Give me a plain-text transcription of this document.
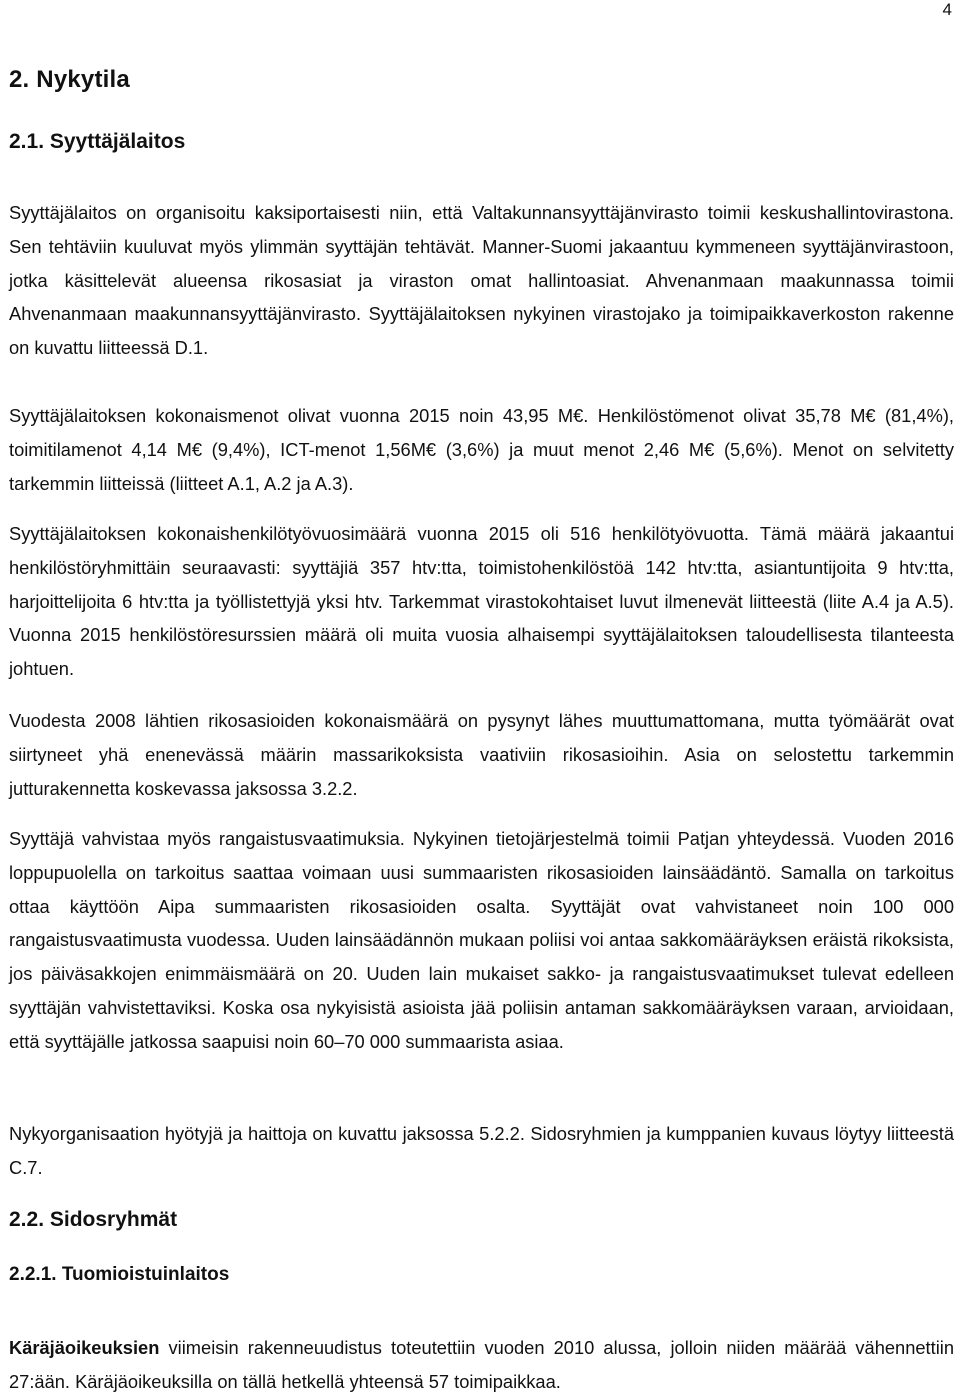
4
2. Nykytila
2.1. Syyttäjälaitos

Syyttäjälaitos on organisoitu kaksiportaisesti niin, että Valtakunnansyyttäjänvirasto toimii keskushallintovirastona. Sen tehtäviin kuuluvat myös ylimmän syyttäjän tehtävät. Manner-Suomi jakaantuu kymmeneen syyttäjänvirastoon, jotka käsittelevät alueensa rikosasiat ja viraston omat hallintoasiat. Ahvenanmaan maakunnassa toimii Ahvenanmaan maakunnansyyttäjänvirasto. Syyttäjälaitoksen nykyinen virastojako ja toimipaikkaverkoston rakenne on kuvattu liitteessä D.1.

Syyttäjälaitoksen kokonaismenot olivat vuonna 2015 noin 43,95 M€. Henkilöstömenot olivat 35,78 M€ (81,4%), toimitilamenot 4,14 M€ (9,4%), ICT-menot 1,56M€ (3,6%) ja muut menot 2,46 M€ (5,6%). Menot on selvitetty tarkemmin liitteissä (liitteet A.1, A.2 ja A.3).

Syyttäjälaitoksen kokonaishenkilötyövuosimäärä vuonna 2015 oli 516 henkilötyövuotta. Tämä määrä jakaantui henkilöstöryhmittäin seuraavasti: syyttäjiä 357 htv:tta, toimistohenkilöstöä 142 htv:tta, asiantuntijoita 9 htv:tta, harjoittelijoita 6 htv:tta ja työllistettyjä yksi htv. Tarkemmat virastokohtaiset luvut ilmenevät liitteestä (liite A.4 ja A.5). Vuonna 2015 henkilöstöresurssien määrä oli muita vuosia alhaisempi syyttäjälaitoksen taloudellisesta tilanteesta johtuen.

Vuodesta 2008 lähtien rikosasioiden kokonaismäärä on pysynyt lähes muuttumattomana, mutta työmäärät ovat siirtyneet yhä enenevässä määrin massarikoksista vaativiin rikosasioihin. Asia on selostettu tarkemmin jutturakennetta koskevassa jaksossa 3.2.2.

Syyttäjä vahvistaa myös rangaistusvaatimuksia. Nykyinen tietojärjestelmä toimii Patjan yhteydessä. Vuoden 2016 loppupuolella on tarkoitus saattaa voimaan uusi summaaristen rikosasioiden lainsäädäntö. Samalla on tarkoitus ottaa käyttöön Aipa summaaristen rikosasioiden osalta. Syyttäjät ovat vahvistaneet noin 100 000 rangaistusvaatimusta vuodessa. Uuden lainsäädännön mukaan poliisi voi antaa sakkomääräyksen eräistä rikoksista, jos päiväsakkojen enimmäismäärä on 20. Uuden lain mukaiset sakko- ja rangaistusvaatimukset tulevat edelleen syyttäjän vahvistettaviksi. Koska osa nykyisistä asioista jää poliisin antaman sakkomääräyksen varaan, arvioidaan, että syyttäjälle jatkossa saapuisi noin 60–70 000 summaarista asiaa.

Nykyorganisaation hyötyjä ja haittoja on kuvattu jaksossa 5.2.2. Sidosryhmien ja kumppanien kuvaus löytyy liitteestä C.7.

2.2. Sidosryhmät
2.2.1. Tuomioistuinlaitos

Käräjäoikeuksien viimeisin rakenneuudistus toteutettiin vuoden 2010 alussa, jolloin niiden määrää vähennettiin 27:ään. Käräjäoikeuksilla on tällä hetkellä yhteensä 57 toimipaikkaa.
